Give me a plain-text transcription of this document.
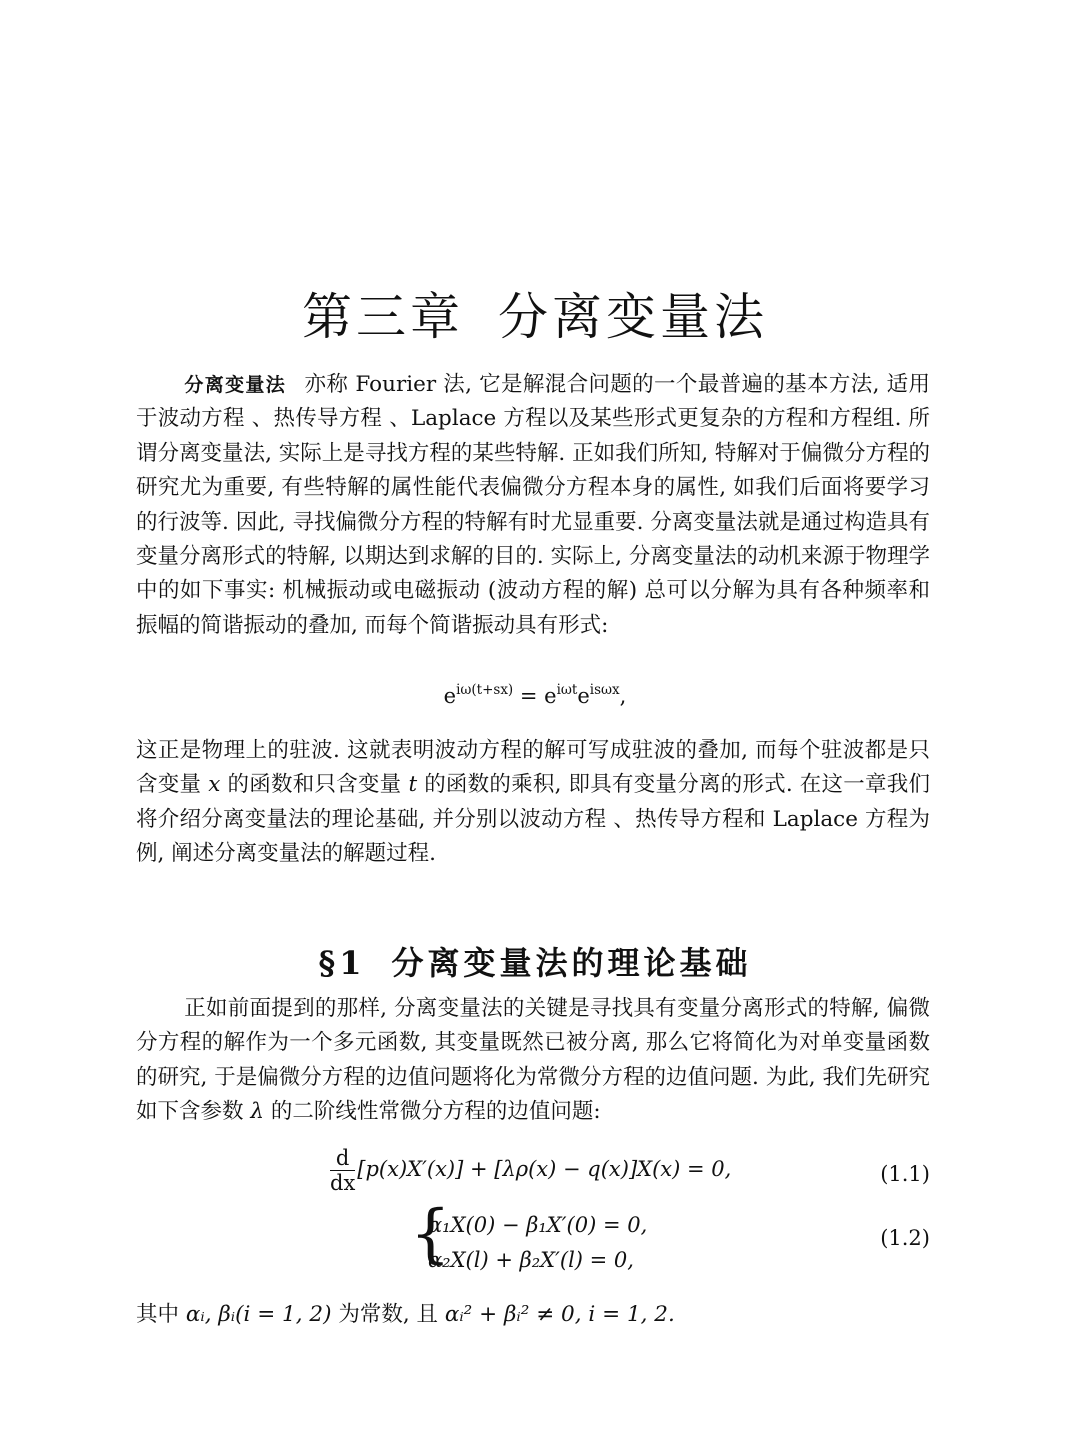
第三章 分离变量法
分离变量法 亦称 Fourier 法, 它是解混合问题的一个最普遍的基本方法, 适用于波动方程 、热传导方程 、Laplace 方程以及某些形式更复杂的方程和方程组. 所谓分离变量法, 实际上是寻找方程的某些特解. 正如我们所知, 特解对于偏微分方程的研究尤为重要, 有些特解的属性能代表偏微分方程本身的属性, 如我们后面将要学习的行波等. 因此, 寻找偏微分方程的特解有时尤显重要. 分离变量法就是通过构造具有变量分离形式的特解, 以期达到求解的目的. 实际上, 分离变量法的动机来源于物理学中的如下事实: 机械振动或电磁振动 (波动方程的解) 总可以分解为具有各种频率和振幅的简谐振动的叠加, 而每个简谐振动具有形式:
$e^{i\omega(t+sx)} = e^{i\omega t}e^{is\omega x}$,
这正是物理上的驻波. 这就表明波动方程的解可写成驻波的叠加, 而每个驻波都是只含变量 x 的函数和只含变量 t 的函数的乘积, 即具有变量分离的形式. 在这一章我们将介绍分离变量法的理论基础, 并分别以波动方程 、热传导方程和 Laplace 方程为例, 阐述分离变量法的解题过程.
§1 分离变量法的理论基础
正如前面提到的那样, 分离变量法的关键是寻找具有变量分离形式的特解, 偏微分方程的解作为一个多元函数, 其变量既然已被分离, 那么它将简化为对单变量函数的研究, 于是偏微分方程的边值问题将化为常微分方程的边值问题. 为此, 我们先研究如下含参数 λ 的二阶线性常微分方程的边值问题:
$\frac{d}{dx} [p(x)X'(x)] + [\lambda\rho(x) - q(x)]X(x) = 0$,	(1.1)
{
α₁X(0) − β₁X′(0) = 0,
α₂X(l) + β₂X′(l) = 0,
(1.2)
其中 αᵢ, βᵢ(i = 1, 2) 为常数, 且 αᵢ² + βᵢ² ≠ 0, i = 1, 2.
